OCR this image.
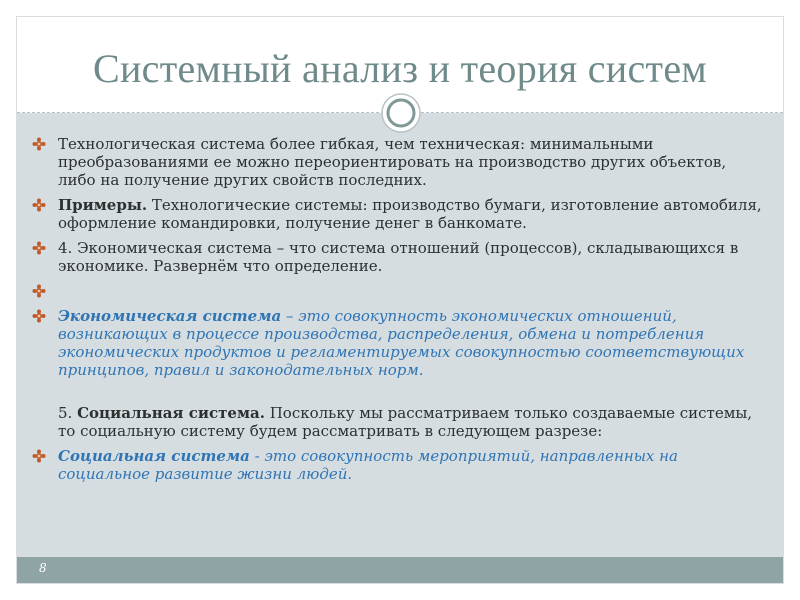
Системный анализ и теория систем
Технологическая система более гибкая, чем техническая: минимальными преобразованиями ее можно переориентировать на производство других объектов, либо на получение других свойств последних.
Примеры. Технологические системы: производство бумаги, изготовление автомобиля, оформление командировки, получение денег в банкомате.
4. Экономическая система – что система отношений (процессов), складывающихся в экономике. Развернём что определение.
Экономическая система – это совокупность экономических отношений, возникающих в процессе производства, распределения, обмена и потребления экономических продуктов и регламентируемых совокупностью соответствующих принципов, правил и законодательных норм.
5. Социальная система. Поскольку мы рассматриваем только создаваемые системы, то социальную систему будем рассматривать в следующем разрезе:
Социальная система - это совокупность мероприятий, направленных на социальное развитие жизни людей.
8
